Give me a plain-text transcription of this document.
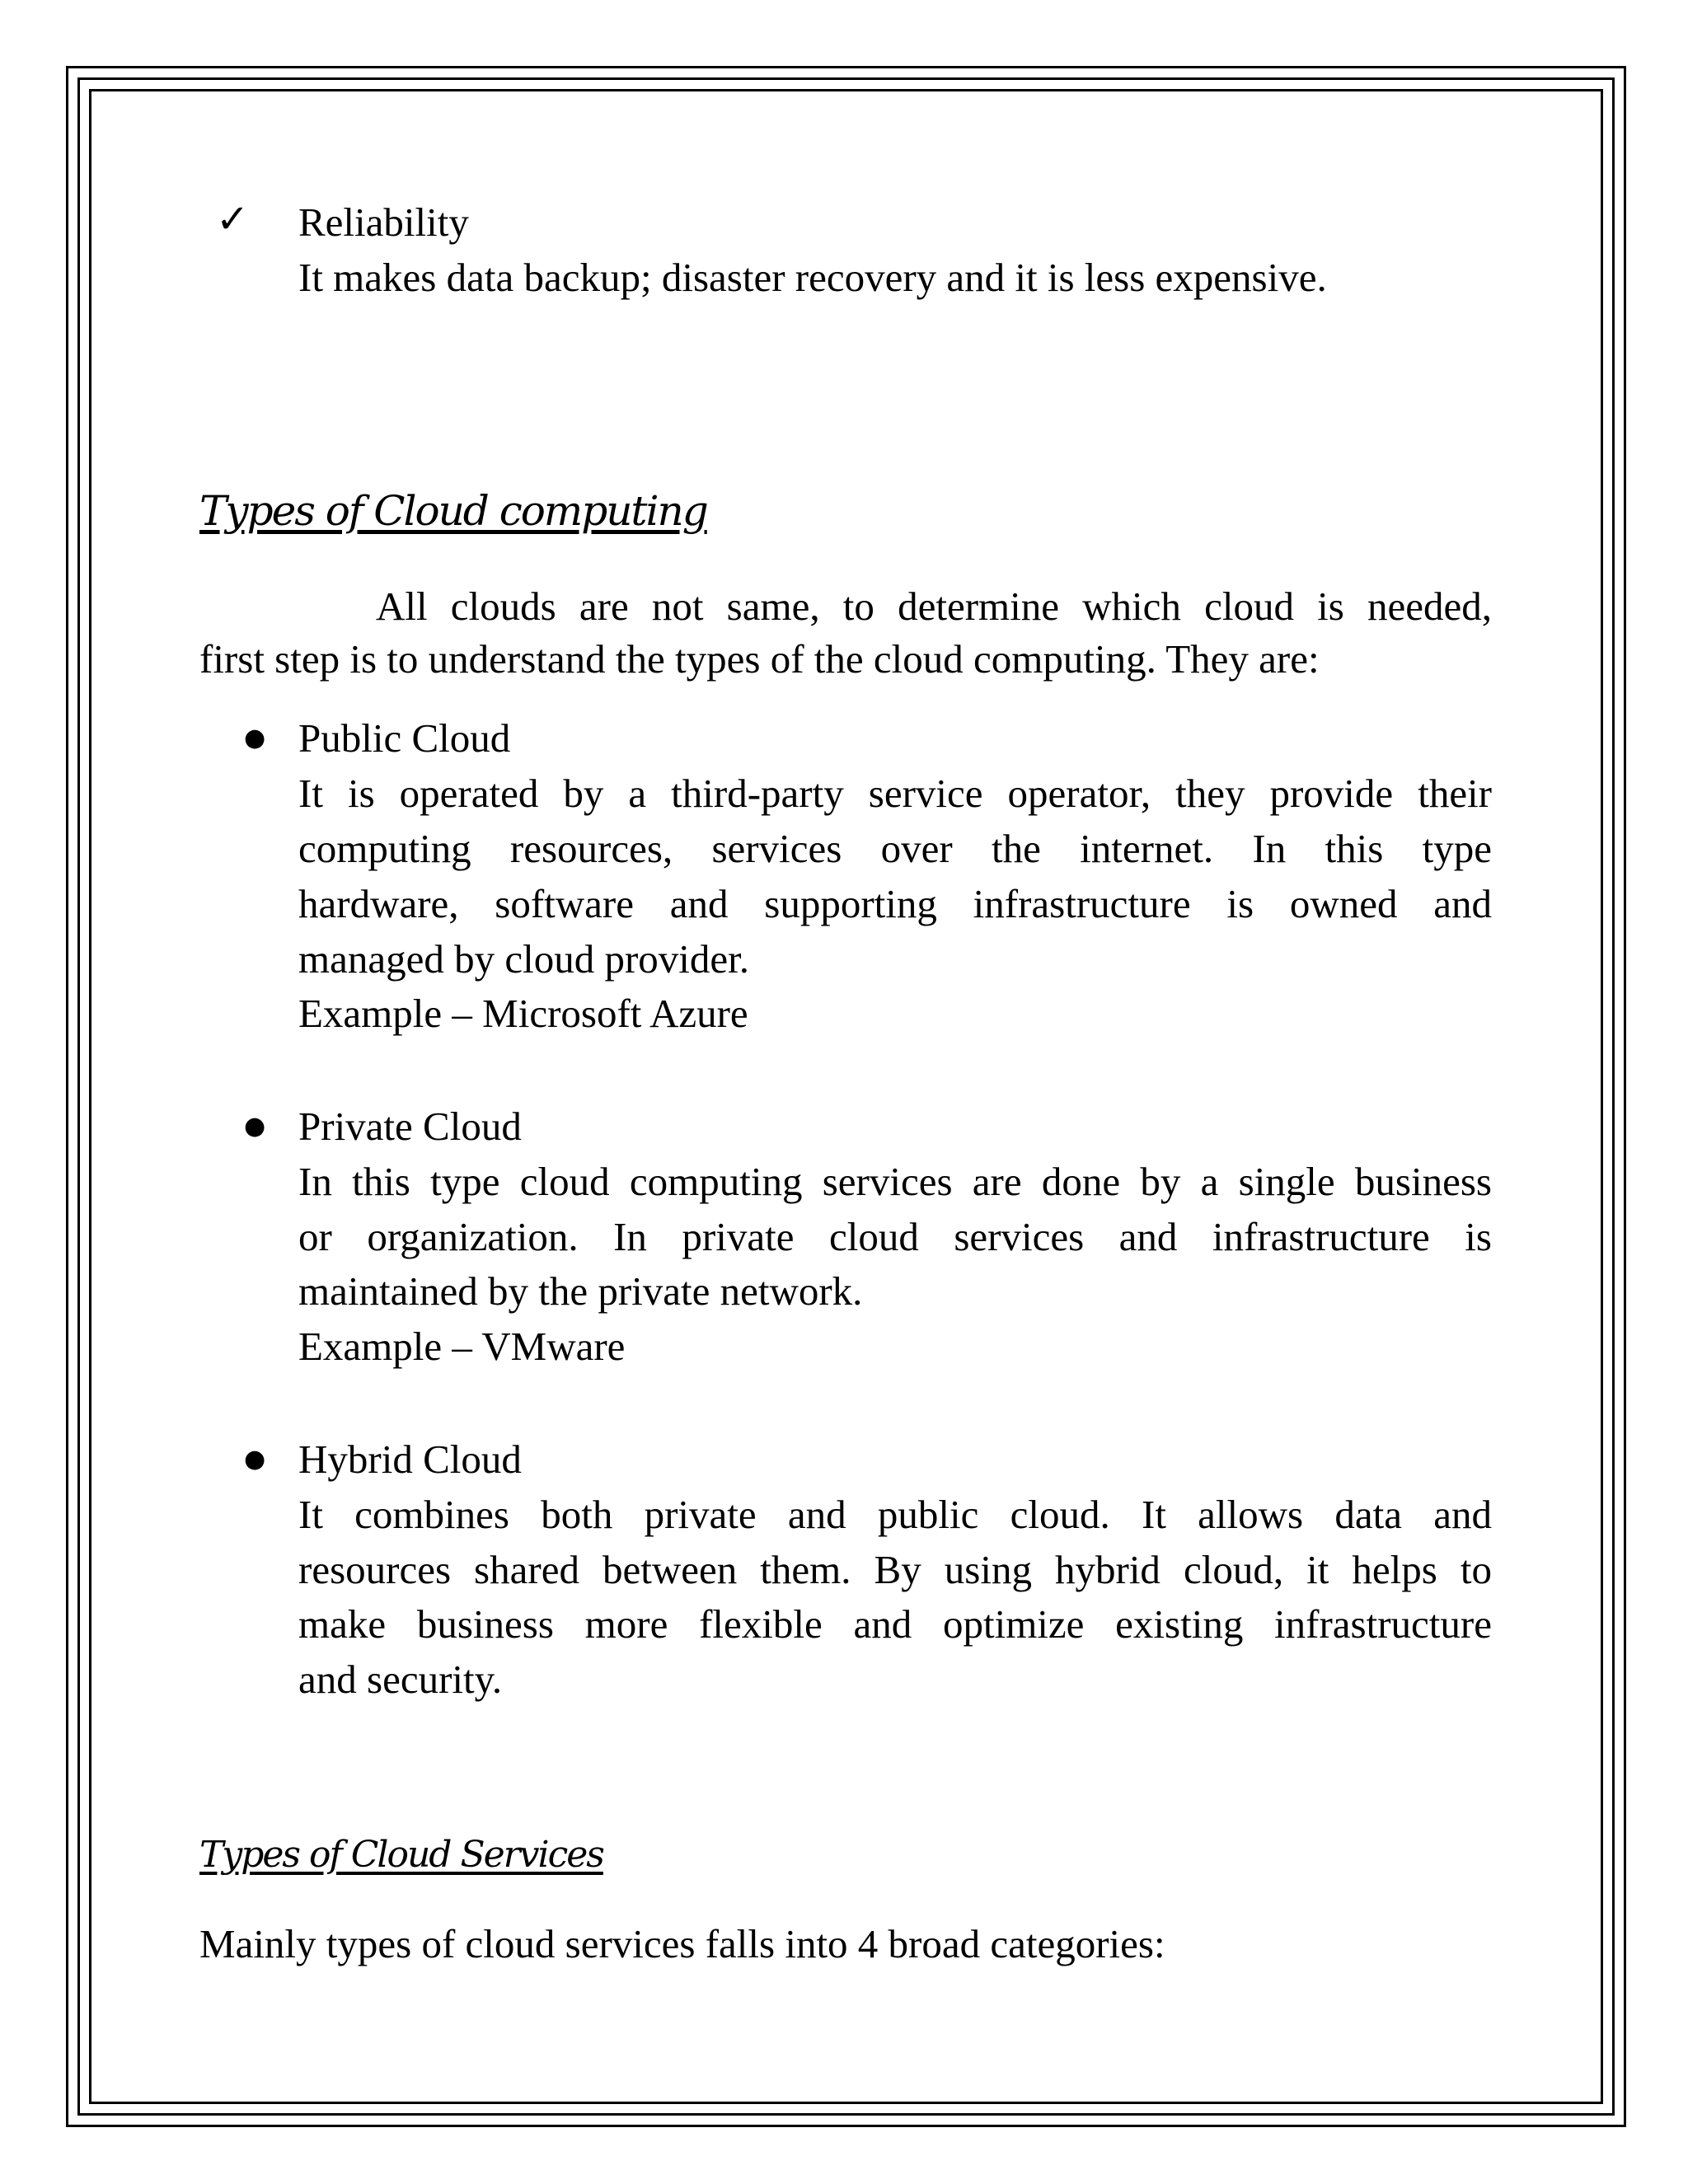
✓ Reliability
It makes data backup; disaster recovery and it is less expensive.
Types of Cloud computing
All clouds are not same, to determine which cloud is needed,
first step is to understand the types of the cloud computing. They are:
● Public Cloud
It is operated by a third-party service operator, they provide their
computing resources, services over the internet. In this type
hardware, software and supporting infrastructure is owned and
managed by cloud provider.
Example – Microsoft Azure
● Private Cloud
In this type cloud computing services are done by a single business
or organization. In private cloud services and infrastructure is
maintained by the private network.
Example – VMware
● Hybrid Cloud
It combines both private and public cloud. It allows data and
resources shared between them. By using hybrid cloud, it helps to
make business more flexible and optimize existing infrastructure
and security.
Types of Cloud Services
Mainly types of cloud services falls into 4 broad categories:
